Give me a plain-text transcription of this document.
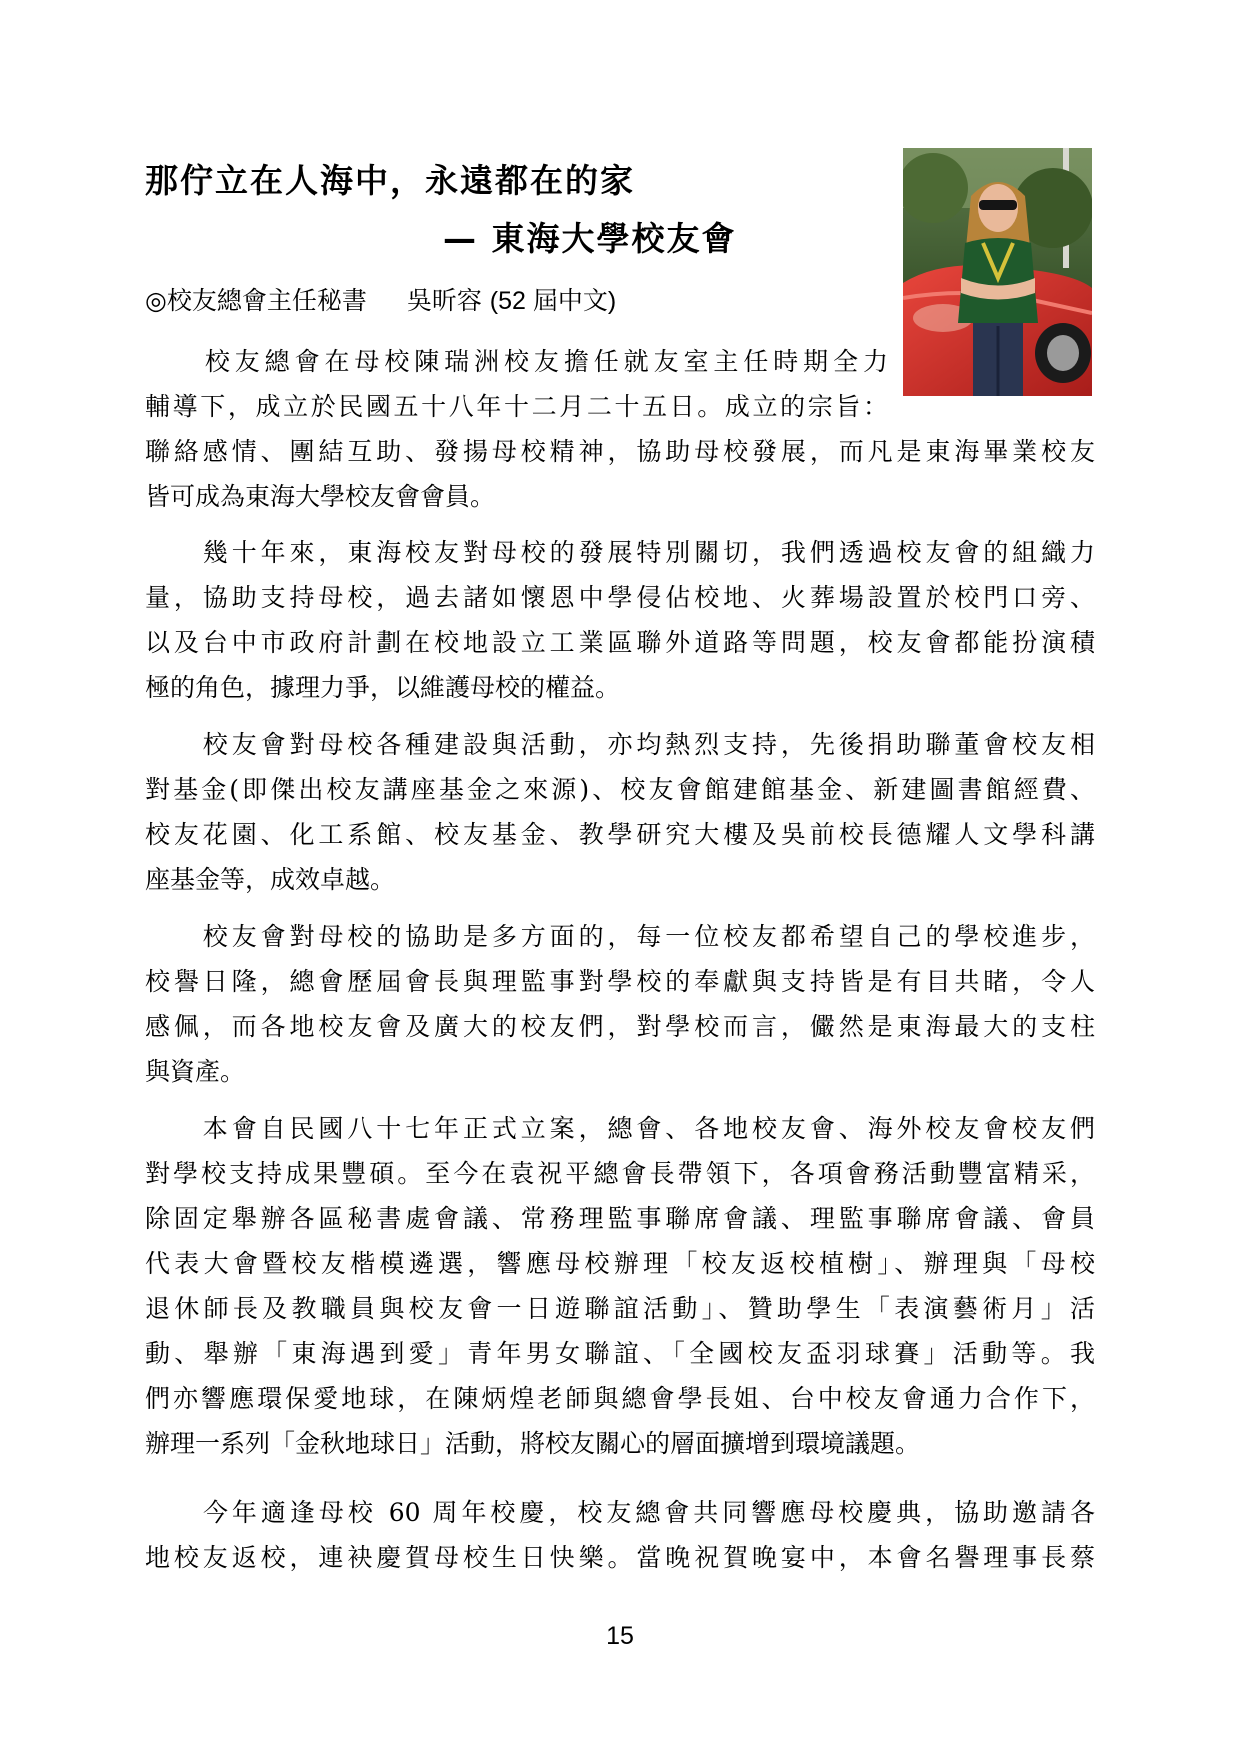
那佇立在人海中，永遠都在的家
— 東海大學校友會
◎校友總會主任秘書 吳昕容 (52 屆中文)
　　校友總會在母校陳瑞洲校友擔任就友室主任時期全力
輔導下，成立於民國五十八年十二月二十五日。成立的宗旨：
聯絡感情、團結互助、發揚母校精神，協助母校發展，而凡是東海畢業校友
皆可成為東海大學校友會會員。
　　幾十年來，東海校友對母校的發展特別關切，我們透過校友會的組織力
量，協助支持母校，過去諸如懷恩中學侵佔校地、火葬場設置於校門口旁、
以及台中市政府計劃在校地設立工業區聯外道路等問題，校友會都能扮演積
極的角色，據理力爭，以維護母校的權益。
　　校友會對母校各種建設與活動，亦均熱烈支持，先後捐助聯董會校友相
對基金(即傑出校友講座基金之來源)、校友會館建館基金、新建圖書館經費、
校友花園、化工系館、校友基金、教學研究大樓及吳前校長德耀人文學科講
座基金等，成效卓越。
　　校友會對母校的協助是多方面的，每一位校友都希望自己的學校進步，
校譽日隆，總會歷屆會長與理監事對學校的奉獻與支持皆是有目共睹，令人
感佩，而各地校友會及廣大的校友們，對學校而言，儼然是東海最大的支柱
與資產。
　　本會自民國八十七年正式立案，總會、各地校友會、海外校友會校友們
對學校支持成果豐碩。至今在袁祝平總會長帶領下，各項會務活動豐富精采，
除固定舉辦各區秘書處會議、常務理監事聯席會議、理監事聯席會議、會員
代表大會暨校友楷模遴選，響應母校辦理「校友返校植樹」、辦理與「母校
退休師長及教職員與校友會一日遊聯誼活動」、贊助學生「表演藝術月」活
動、舉辦「東海遇到愛」青年男女聯誼、「全國校友盃羽球賽」活動等。我
們亦響應環保愛地球，在陳炳煌老師與總會學長姐、台中校友會通力合作下，
辦理一系列「金秋地球日」活動，將校友關心的層面擴增到環境議題。
　　今年適逢母校 60 周年校慶，校友總會共同響應母校慶典，協助邀請各
地校友返校，連袂慶賀母校生日快樂。當晚祝賀晚宴中，本會名譽理事長蔡
15
